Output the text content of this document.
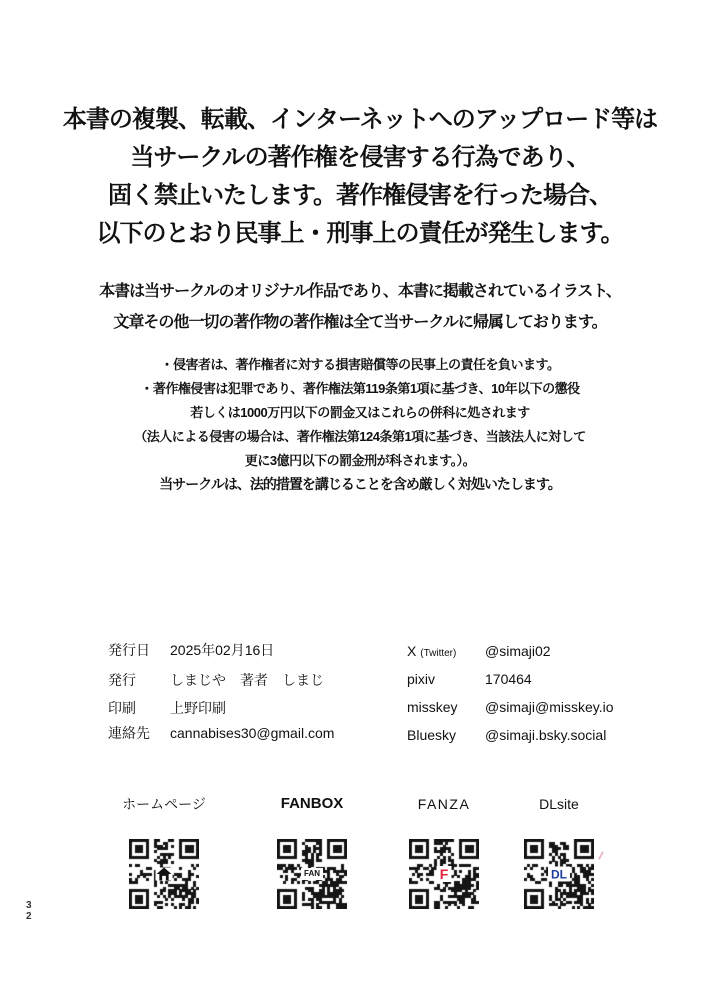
本書の複製、転載、インターネットへのアップロード等は
当サークルの著作権を侵害する行為であり、
固く禁止いたします。著作権侵害を行った場合、
以下のとおり民事上・刑事上の責任が発生します。
本書は当サークルのオリジナル作品であり、本書に掲載されているイラスト、
文章その他一切の著作物の著作権は全て当サークルに帰属しております。
・侵害者は、著作権者に対する損害賠償等の民事上の責任を負います。
・著作権侵害は犯罪であり、著作権法第119条第1項に基づき、10年以下の懲役
若しくは1000万円以下の罰金又はこれらの併科に処されます
（法人による侵害の場合は、著作権法第124条第1項に基づき、当該法人に対して
更に3億円以下の罰金刑が科されます。）。
当サークルは、法的措置を講じることを含め厳しく対処いたします。
発行日 2025年02月16日
発行 しまじや　著者　しまじ
印刷 上野印刷
連絡先 cannabises30@gmail.com
X (Twitter) @simaji02
pixiv	170464
misskey @simaji@misskey.io
Bluesky @simaji.bsky.social
ホームページ	FANBOX
FAN
FANZA
F
DLsite
DL
3
2
